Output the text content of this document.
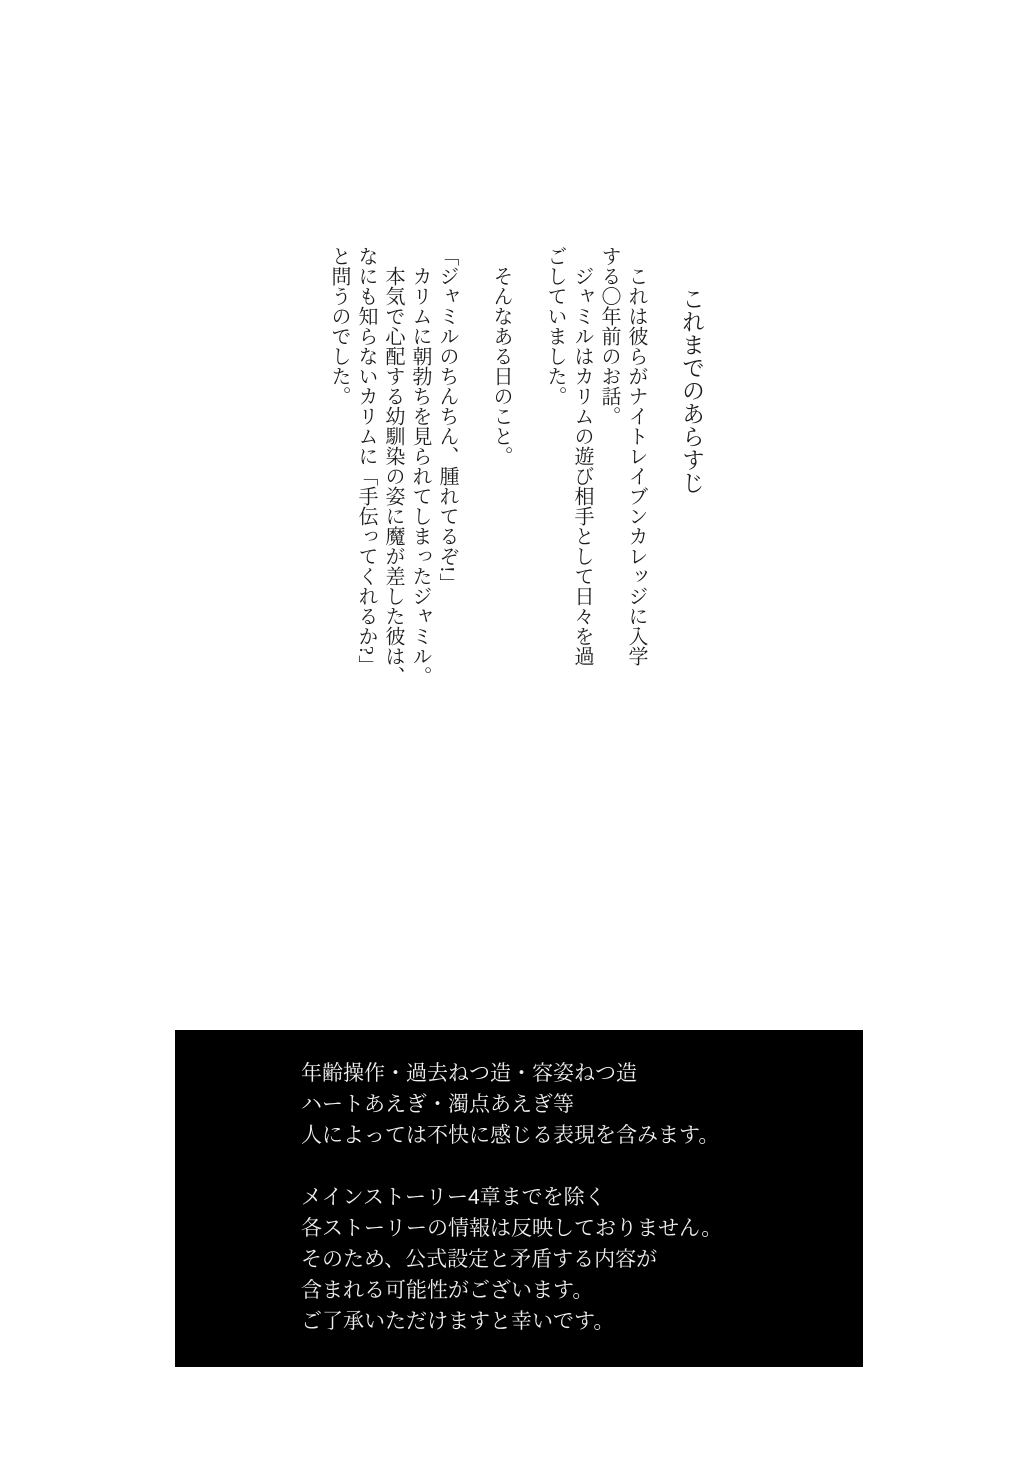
これまでのあらすじ
これは彼らがナイトレイブンカレッジに入学
する〇年前のお話。
ジャミルはカリムの遊び相手として日々を過
ごしていました。
そんなある日のこと。
「ジャミルのちんちん、腫れてるぞ!」
カリムに朝勃ちを見られてしまったジャミル。
本気で心配する幼馴染の姿に魔が差した彼は、
なにも知らないカリムに「手伝ってくれるか?」
と問うのでした。
年齢操作・過去ねつ造・容姿ねつ造
ハートあえぎ・濁点あえぎ等
人によっては不快に感じる表現を含みます。
メインストーリー4章までを除く
各ストーリーの情報は反映しておりません。
そのため、公式設定と矛盾する内容が
含まれる可能性がございます。
ご了承いただけますと幸いです。
